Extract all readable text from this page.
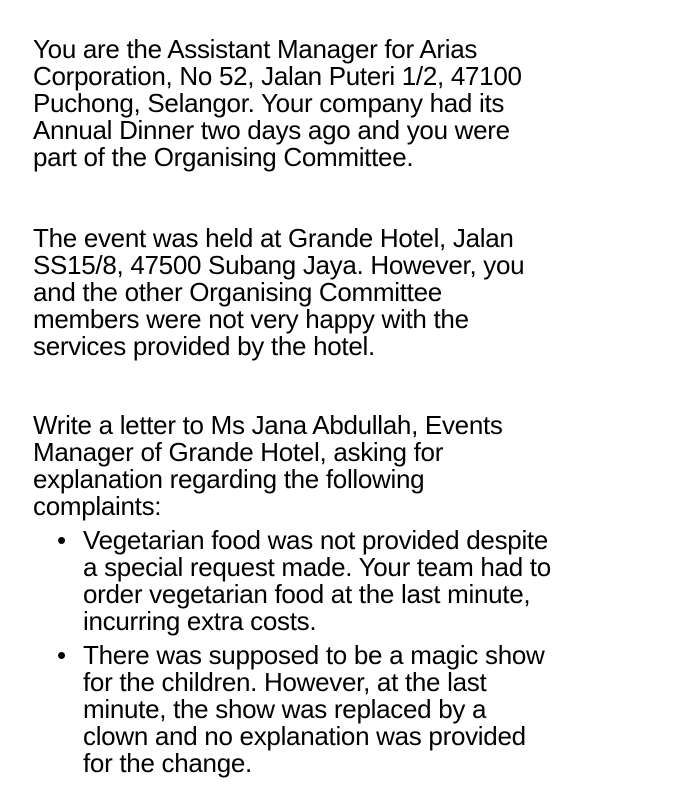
You are the Assistant Manager for Arias
Corporation, No 52, Jalan Puteri 1/2, 47100
Puchong, Selangor. Your company had its
Annual Dinner two days ago and you were
part of the Organising Committee.

The event was held at Grande Hotel, Jalan
SS15/8, 47500 Subang Jaya. However, you
and the other Organising Committee
members were not very happy with the
services provided by the hotel.

Write a letter to Ms Jana Abdullah, Events
Manager of Grande Hotel, asking for
explanation regarding the following
complaints:

• Vegetarian food was not provided despite
a special request made. Your team had to
order vegetarian food at the last minute,
incurring extra costs.
• There was supposed to be a magic show
for the children. However, at the last
minute, the show was replaced by a
clown and no explanation was provided
for the change.
